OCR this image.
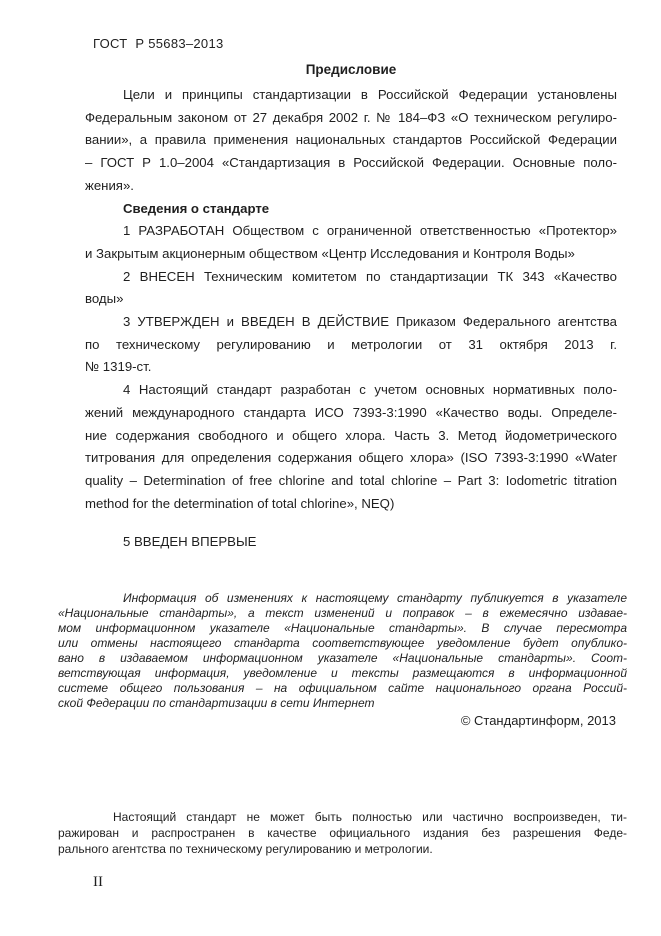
ГОСТ  Р 55683–2013
Предисловие
Цели и принципы стандартизации в Российской Федерации установлены
Федеральным законом от 27 декабря 2002 г. № 184–ФЗ «О техническом регулиро-
вании», а правила применения национальных стандартов Российской Федерации
– ГОСТ Р 1.0–2004 «Стандартизация в Российской Федерации. Основные поло-
жения».
Сведения о стандарте
1 РАЗРАБОТАН Обществом с ограниченной ответственностью «Протектор»
и Закрытым акционерным обществом «Центр Исследования и Контроля Воды»
2 ВНЕСЕН Техническим комитетом по стандартизации ТК 343 «Качество
воды»
3 УТВЕРЖДЕН и ВВЕДЕН В ДЕЙСТВИЕ Приказом Федерального агентства
по техническому регулированию и метрологии от 31 октября 2013 г.
№ 1319-ст.
4 Настоящий стандарт разработан с учетом основных нормативных поло-
жений международного стандарта ИСО 7393-3:1990 «Качество воды. Определе-
ние содержания свободного и общего хлора. Часть 3. Метод йодометрического
титрования для определения содержания общего хлора» (ISO 7393-3:1990 «Water
quality – Determination of free chlorine and total chlorine – Part 3: Iodometric titration
method for the determination of total chlorine», NEQ)
5 ВВЕДЕН ВПЕРВЫЕ
Информация об изменениях к настоящему стандарту публикуется в указателе
«Национальные стандарты», а текст изменений и поправок – в ежемесячно издавае-
мом информационном указателе «Национальные стандарты». В случае пересмотра
или отмены настоящего стандарта соответствующее уведомление будет опублико-
вано в издаваемом информационном указателе «Национальные стандарты». Соот-
ветствующая информация, уведомление и тексты размещаются в информационной
системе общего пользования – на официальном сайте национального органа Россий-
ской Федерации по стандартизации в сети Интернет
© Стандартинформ, 2013
Настоящий стандарт не может быть полностью или частично воспроизведен, ти-
ражирован и распространен в качестве официального издания без разрешения Феде-
рального агентства по техническому регулированию и метрологии.
II
